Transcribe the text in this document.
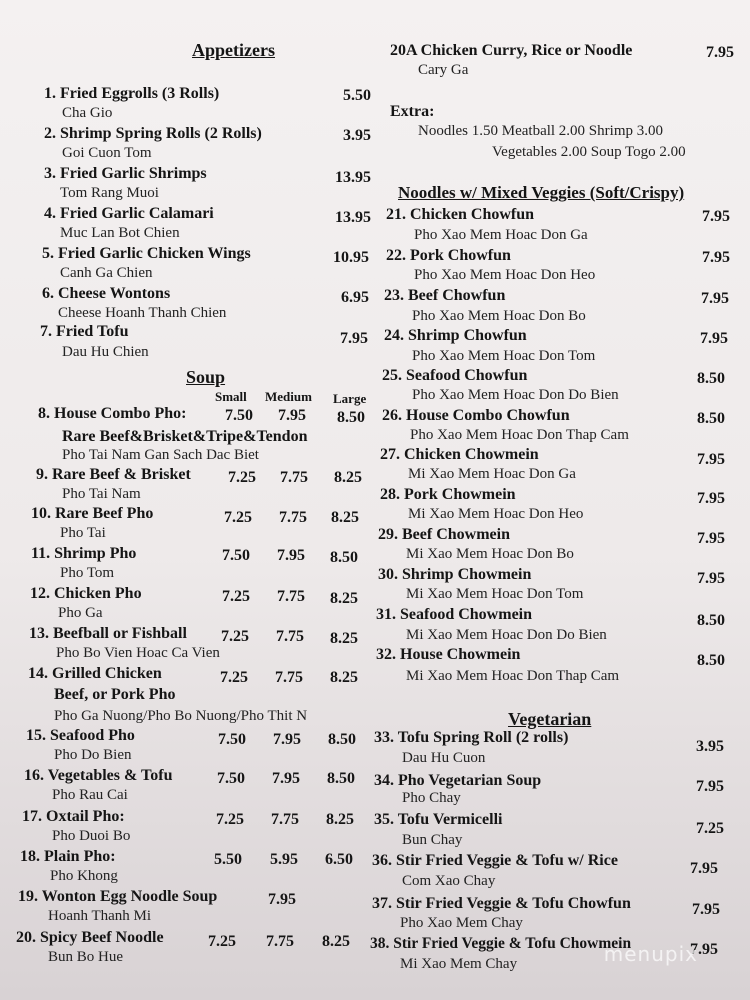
Appetizers
1. Fried Eggrolls (3 Rolls)
Cha Gio
5.50
2. Shrimp Spring Rolls (2 Rolls)
Goi Cuon Tom
3.95
3. Fried Garlic Shrimps
Tom Rang Muoi
13.95
4. Fried Garlic Calamari
Muc Lan Bot Chien
13.95
5. Fried Garlic Chicken Wings
Canh Ga Chien
10.95
6. Cheese Wontons
Cheese Hoanh Thanh Chien
6.95
7. Fried Tofu
Dau Hu Chien
7.95
Soup
Small Medium Large
8. House Combo Pho:
Rare Beef&Brisket&Tripe&Tendon
Pho Tai Nam Gan Sach Dac Biet
7.50 7.95 8.50
9. Rare Beef & Brisket
Pho Tai Nam
7.25 7.75 8.25
10. Rare Beef Pho
Pho Tai
7.25 7.75 8.25
11. Shrimp Pho
Pho Tom
7.50 7.95 8.50
12. Chicken Pho
Pho Ga
7.25 7.75 8.25
13. Beefball or Fishball
Pho Bo Vien Hoac Ca Vien
7.25 7.75 8.25
14. Grilled Chicken
Beef, or Pork Pho
Pho Ga Nuong/Pho Bo Nuong/Pho Thit N
7.25 7.75 8.25
15. Seafood Pho
Pho Do Bien
7.50 7.95 8.50
16. Vegetables & Tofu
Pho Rau Cai
7.50 7.95 8.50
17. Oxtail Pho:
Pho Duoi Bo
7.25 7.75 8.25
18. Plain Pho:
Pho Khong
5.50 5.95 6.50
19. Wonton Egg Noodle Soup
Hoanh Thanh Mi
7.95
20. Spicy Beef Noodle
Bun Bo Hue
7.25 7.75 8.25
20A Chicken Curry, Rice or Noodle
Cary Ga
7.95
Extra:
Noodles 1.50 Meatball 2.00 Shrimp 3.00
Vegetables 2.00 Soup Togo 2.00
Noodles w/ Mixed Veggies (Soft/Crispy)
21. Chicken Chowfun
Pho Xao Mem Hoac Don Ga
7.95
22. Pork Chowfun
Pho Xao Mem Hoac Don Heo
7.95
23. Beef Chowfun
Pho Xao Mem Hoac Don Bo
7.95
24. Shrimp Chowfun
Pho Xao Mem Hoac Don Tom
7.95
25. Seafood Chowfun
Pho Xao Mem Hoac Don Do Bien
8.50
26. House Combo Chowfun
Pho Xao Mem Hoac Don Thap Cam
8.50
27. Chicken Chowmein
Mi Xao Mem Hoac Don Ga
7.95
28. Pork Chowmein
Mi Xao Mem Hoac Don Heo
7.95
29. Beef Chowmein
Mi Xao Mem Hoac Don Bo
7.95
30. Shrimp Chowmein
Mi Xao Mem Hoac Don Tom
7.95
31. Seafood Chowmein
Mi Xao Mem Hoac Don Do Bien
8.50
32. House Chowmein
Mi Xao Mem Hoac Don Thap Cam
8.50
Vegetarian
33. Tofu Spring Roll (2 rolls)
Dau Hu Cuon
3.95
34. Pho Vegetarian Soup
Pho Chay
7.95
35. Tofu Vermicelli
Bun Chay
7.25
36. Stir Fried Veggie & Tofu w/ Rice
Com Xao Chay
7.95
37. Stir Fried Veggie & Tofu Chowfun
Pho Xao Mem Chay
7.95
38. Stir Fried Veggie & Tofu Chowmein
Mi Xao Mem Chay
7.95
menupix
